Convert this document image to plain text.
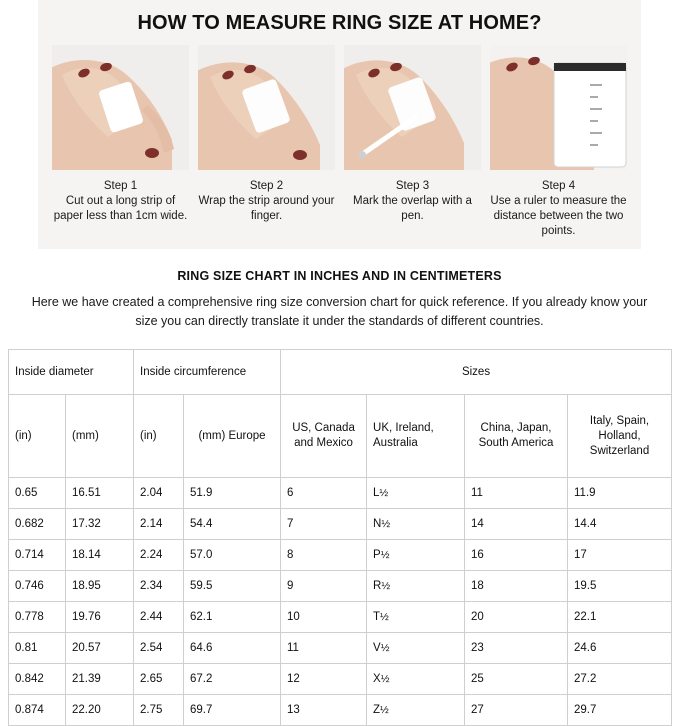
HOW TO MEASURE RING SIZE AT HOME?
Step 1
Cut out a long strip of paper less than 1cm wide.
Step 2
Wrap the strip around your finger.
Step 3
Mark the overlap with a pen.
Step 4
Use a ruler to measure the distance between the two points.
RING SIZE CHART IN INCHES AND IN CENTIMETERS
Here we have created a comprehensive ring size conversion chart for quick reference. If you already know your size you can directly translate it under the standards of different countries.
Inside diameter		Inside circumference		Sizes			
(in)	(mm)	(in)	(mm) Europe	US, Canada and Mexico	UK, Ireland, Australia	China, Japan, South America	Italy, Spain, Holland, Switzerland
0.65	16.51	2.04	51.9	6	L½	11	11.9
0.682	17.32	2.14	54.4	7	N½	14	14.4
0.714	18.14	2.24	57.0	8	P½	16	17
0.746	18.95	2.34	59.5	9	R½	18	19.5
0.778	19.76	2.44	62.1	10	T½	20	22.1
0.81	20.57	2.54	64.6	11	V½	23	24.6
0.842	21.39	2.65	67.2	12	X½	25	27.2
0.874	22.20	2.75	69.7	13	Z½	27	29.7
